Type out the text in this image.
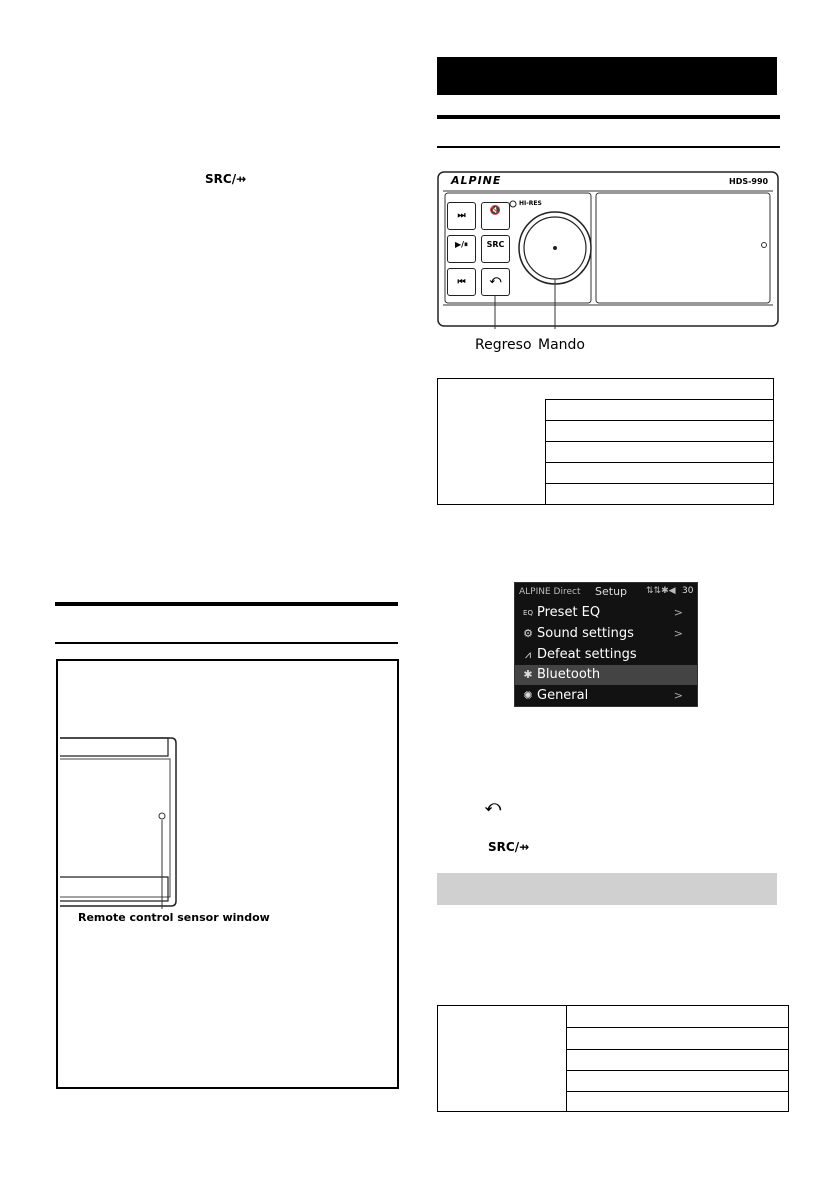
SRC/⇸
Remote control sensor window
ALPINE	HDS-990
HI-RES
⏭	🔇
▶/⏸	SRC
⏮	⤺
Regreso Mando
ALPINE Direct Setup ⇅⇅✱◀ 30
EQ Preset EQ	>
⚙ Sound settings	>
⩘ Defeat settings
✱ Bluetooth
✺ General	>
⤺
SRC/⇸
